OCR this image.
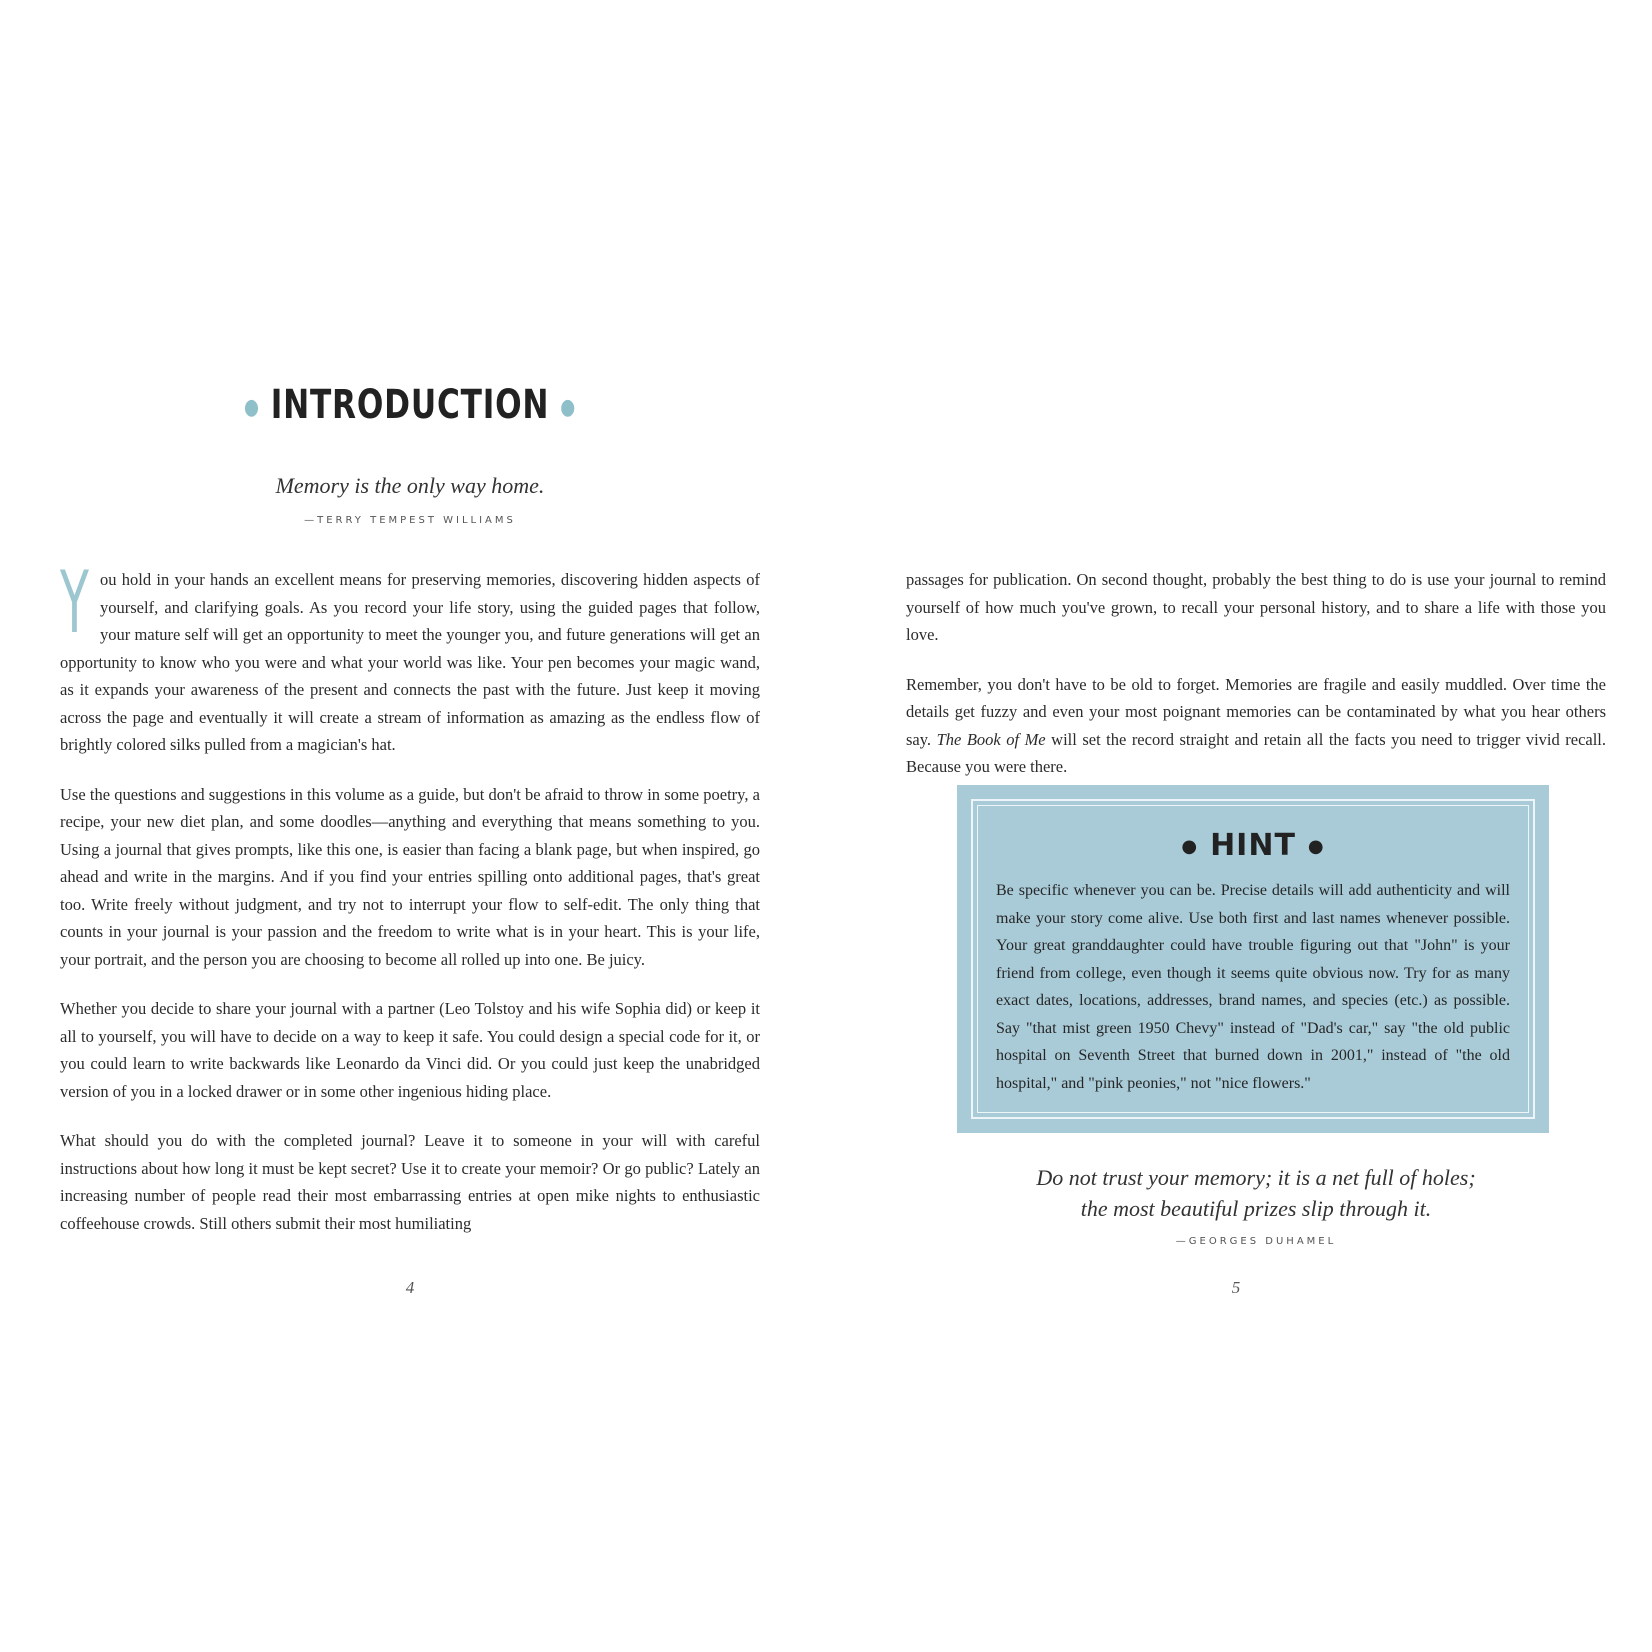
● INTRODUCTION ●
Memory is the only way home.
—TERRY TEMPEST WILLIAMS

You hold in your hands an excellent means for preserving memories, discovering hidden aspects of yourself, and clarifying goals. As you record your life story, using the guided pages that follow, your mature self will get an opportunity to meet the younger you, and future generations will get an opportunity to know who you were and what your world was like. Your pen becomes your magic wand, as it expands your awareness of the present and connects the past with the future. Just keep it moving across the page and eventually it will create a stream of information as amazing as the endless flow of brightly colored silks pulled from a magician's hat.

Use the questions and suggestions in this volume as a guide, but don't be afraid to throw in some poetry, a recipe, your new diet plan, and some doodles—anything and everything that means something to you. Using a journal that gives prompts, like this one, is easier than facing a blank page, but when inspired, go ahead and write in the margins. And if you find your entries spilling onto additional pages, that's great too. Write freely without judgment, and try not to interrupt your flow to self-edit. The only thing that counts in your journal is your passion and the freedom to write what is in your heart. This is your life, your portrait, and the person you are choosing to become all rolled up into one. Be juicy.

Whether you decide to share your journal with a partner (Leo Tolstoy and his wife Sophia did) or keep it all to yourself, you will have to decide on a way to keep it safe. You could design a special code for it, or you could learn to write backwards like Leonardo da Vinci did. Or you could just keep the unabridged version of you in a locked drawer or in some other ingenious hiding place.

What should you do with the completed journal? Leave it to someone in your will with careful instructions about how long it must be kept secret? Use it to create your memoir? Or go public? Lately an increasing number of people read their most embarrassing entries at open mike nights to enthusiastic coffeehouse crowds. Still others submit their most humiliating

4

passages for publication. On second thought, probably the best thing to do is use your journal to remind yourself of how much you've grown, to recall your personal history, and to share a life with those you love.

Remember, you don't have to be old to forget. Memories are fragile and easily muddled. Over time the details get fuzzy and even your most poignant memories can be contaminated by what you hear others say. The Book of Me will set the record straight and retain all the facts you need to trigger vivid recall. Because you were there.

Do not trust your memory; it is a net full of holes;
the most beautiful prizes slip through it.
—GEORGES DUHAMEL
5
● HINT ●
Be specific whenever you can be. Precise details will add authenticity and will make your story come alive. Use both first and last names whenever possible. Your great granddaughter could have trouble figuring out that "John" is your friend from college, even though it seems quite obvious now. Try for as many exact dates, locations, addresses, brand names, and species (etc.) as possible. Say "that mist green 1950 Chevy" instead of "Dad's car," say "the old public hospital on Seventh Street that burned down in 2001," instead of "the old hospital," and "pink peonies," not "nice flowers."
